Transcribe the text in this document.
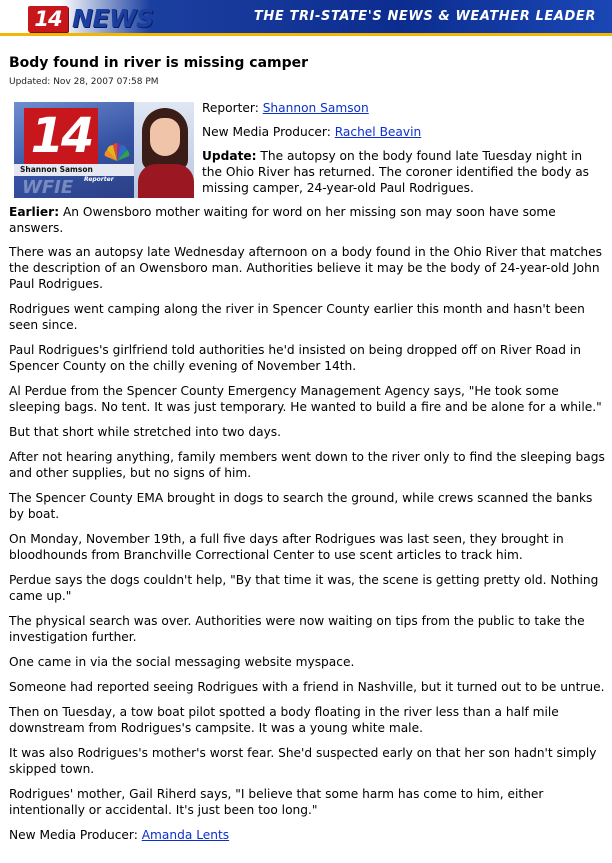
14 NEWS	THE TRI-STATE'S NEWS & WEATHER LEADER
Body found in river is missing camper
Updated: Nov 28, 2007 07:58 PM
14
Shannon Samson
Reporter
WFIE

Reporter: Shannon Samson

New Media Producer: Rachel Beavin

Update: The autopsy on the body found late Tuesday night in the Ohio River has returned. The coroner identified the body as missing camper, 24-year-old Paul Rodrigues.

Earlier: An Owensboro mother waiting for word on her missing son may soon have some answers.

There was an autopsy late Wednesday afternoon on a body found in the Ohio River that matches the description of an Owensboro man. Authorities believe it may be the body of 24-year-old John Paul Rodrigues.

Rodrigues went camping along the river in Spencer County earlier this month and hasn't been seen since.

Paul Rodrigues's girlfriend told authorities he'd insisted on being dropped off on River Road in Spencer County on the chilly evening of November 14th.

Al Perdue from the Spencer County Emergency Management Agency says, "He took some sleeping bags. No tent. It was just temporary. He wanted to build a fire and be alone for a while."

But that short while stretched into two days.

After not hearing anything, family members went down to the river only to find the sleeping bags and other supplies, but no signs of him.

The Spencer County EMA brought in dogs to search the ground, while crews scanned the banks by boat.

On Monday, November 19th, a full five days after Rodrigues was last seen, they brought in bloodhounds from Branchville Correctional Center to use scent articles to track him.

Perdue says the dogs couldn't help, "By that time it was, the scene is getting pretty old. Nothing came up."

The physical search was over. Authorities were now waiting on tips from the public to take the investigation further.

One came in via the social messaging website myspace.

Someone had reported seeing Rodrigues with a friend in Nashville, but it turned out to be untrue.

Then on Tuesday, a tow boat pilot spotted a body floating in the river less than a half mile downstream from Rodrigues's campsite. It was a young white male.

It was also Rodrigues's mother's worst fear. She'd suspected early on that her son hadn't simply skipped town.

Rodrigues' mother, Gail Riherd says, "I believe that some harm has come to him, either intentionally or accidental. It's just been too long."

New Media Producer: Amanda Lents
